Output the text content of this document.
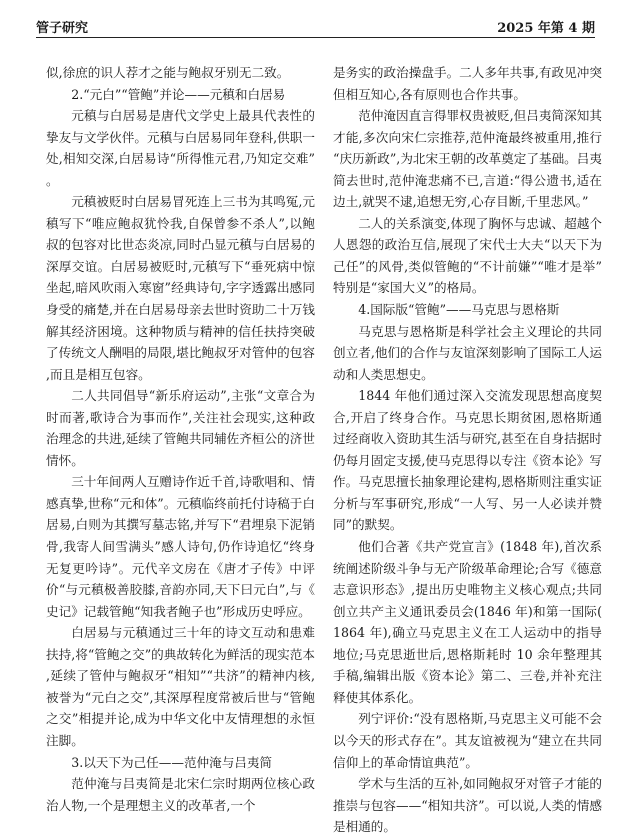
管子研究	2025 年第 4 期

似,徐庶的识人荐才之能与鲍叔牙别无二致。

2.“元白”“管鲍”并论——元稹和白居易

元稹与白居易是唐代文学史上最具代表性的挚友与文学伙伴。元稹与白居易同年登科,供职一处,相知交深,白居易诗“所得惟元君,乃知定交难”。

元稹被贬时白居易冒死连上三书为其鸣冤,元稹写下“唯应鲍叔犹怜我,自保曾参不杀人”,以鲍叔的包容对比世态炎凉,同时凸显元稹与白居易的深厚交谊。白居易被贬时,元稹写下“垂死病中惊坐起,暗风吹雨入寒窗”经典诗句,字字透露出感同身受的痛楚,并在白居易母亲去世时资助二十万钱解其经济困境。这种物质与精神的信任扶持突破了传统文人酬唱的局限,堪比鲍叔牙对管仲的包容,而且是相互包容。

二人共同倡导“新乐府运动”,主张“文章合为时而著,歌诗合为事而作”,关注社会现实,这种政治理念的共进,延续了管鲍共同辅佐齐桓公的济世情怀。

三十年间两人互赠诗作近千首,诗歌唱和、情感真挚,世称“元和体”。元稹临终前托付诗稿于白居易,白则为其撰写墓志铭,并写下“君埋泉下泥销骨,我寄人间雪满头”感人诗句,仍作诗追忆“终身无复更吟诗”。元代辛文房在《唐才子传》中评价“与元稹极善胶膝,音韵亦同,天下曰元白”,与《史记》记载管鲍“知我者鲍子也”形成历史呼应。

白居易与元稹通过三十年的诗文互动和患难扶持,将“管鲍之交”的典故转化为鲜活的现实范本,延续了管仲与鲍叔牙“相知”“共济”的精神内核,被誉为“元白之交”,其深厚程度常被后世与“管鲍之交”相提并论,成为中华文化中友情理想的永恒注脚。

3.以天下为己任——范仲淹与吕夷简

范仲淹与吕夷简是北宋仁宗时期两位核心政治人物,一个是理想主义的改革者,一个

是务实的政治操盘手。二人多年共事,有政见冲突但相互知心,各有原则也合作共事。

范仲淹因直言得罪权贵被贬,但吕夷简深知其才能,多次向宋仁宗推荐,范仲淹最终被重用,推行“庆历新政”,为北宋王朝的改革奠定了基础。吕夷简去世时,范仲淹悲痛不已,言道:“得公遗书,适在边土,就哭不逮,追想无穷,心存目断,千里悲风。”

二人的关系演变,体现了胸怀与忠诚、超越个人恩怨的政治互信,展现了宋代士大夫“以天下为己任”的风骨,类似管鲍的“不计前嫌”“唯才是举”特别是“家国大义”的格局。

4.国际版“管鲍”——马克思与恩格斯

马克思与恩格斯是科学社会主义理论的共同创立者,他们的合作与友谊深刻影响了国际工人运动和人类思想史。

1844 年他们通过深入交流发现思想高度契合,开启了终身合作。马克思长期贫困,恩格斯通过经商收入资助其生活与研究,甚至在自身拮据时仍每月固定支援,使马克思得以专注《资本论》写作。马克思擅长抽象理论建构,恩格斯则注重实证分析与军事研究,形成“一人写、另一人必读并赞同”的默契。

他们合著《共产党宣言》(1848 年),首次系统阐述阶级斗争与无产阶级革命理论;合写《德意志意识形态》,提出历史唯物主义核心观点;共同创立共产主义通讯委员会(1846 年)和第一国际(1864 年),确立马克思主义在工人运动中的指导地位;马克思逝世后,恩格斯耗时 10 余年整理其手稿,编辑出版《资本论》第二、三卷,并补充注释使其体系化。

列宁评价:“没有恩格斯,马克思主义可能不会以今天的形式存在”。其友谊被视为“建立在共同信仰上的革命情谊典范”。

学术与生活的互补,如同鲍叔牙对管子才能的推崇与包容——“相知共济”。可以说,人类的情感是相通的。
